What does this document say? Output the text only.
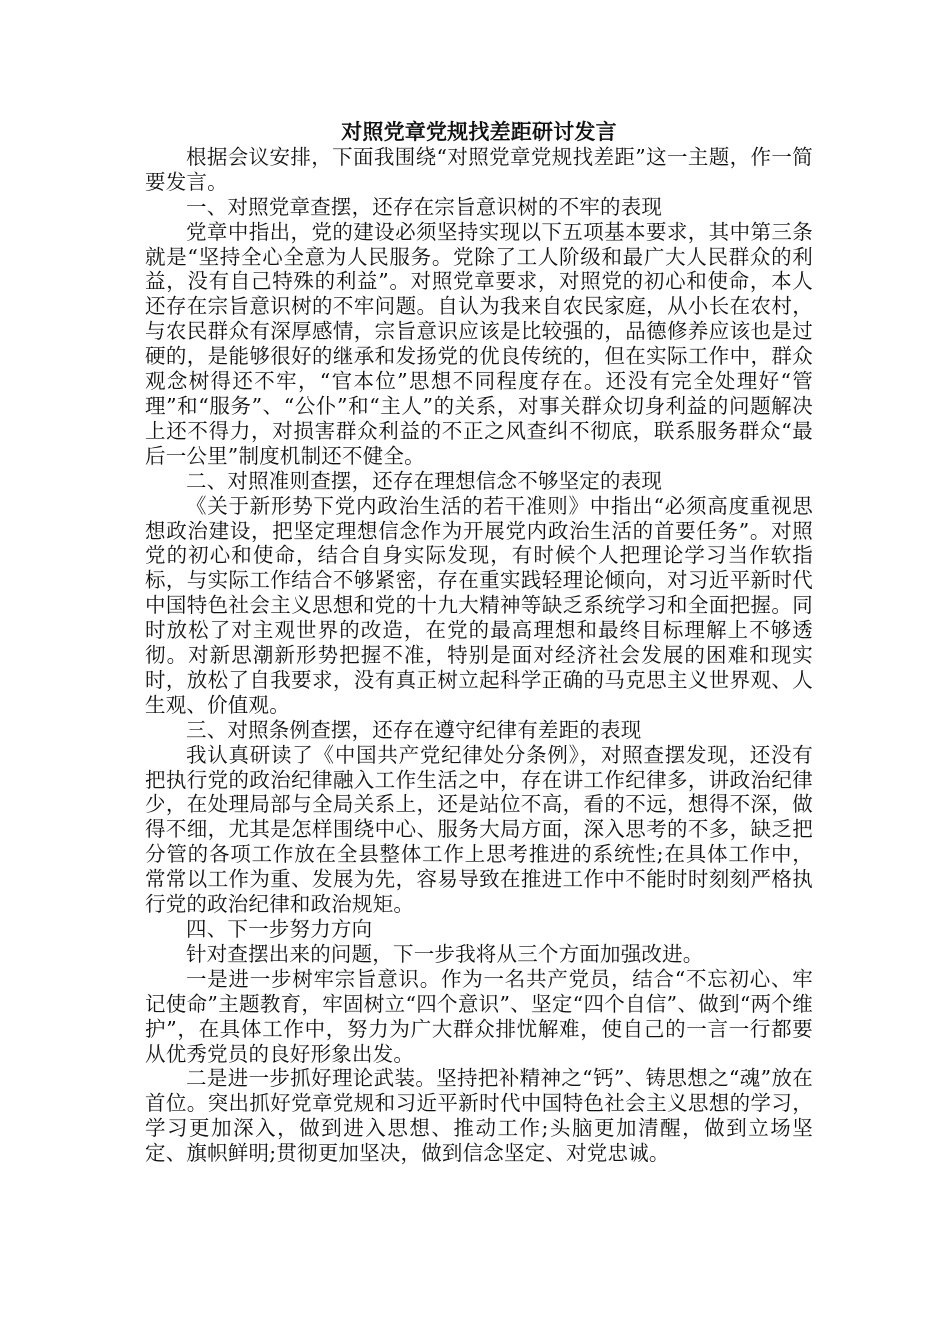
对照党章党规找差距研讨发言

根据会议安排，下面我围绕“对照党章党规找差距”这一主题，作一简要发言。

一、对照党章查摆，还存在宗旨意识树的不牢的表现

党章中指出，党的建设必须坚持实现以下五项基本要求，其中第三条就是“坚持全心全意为人民服务。党除了工人阶级和最广大人民群众的利益，没有自己特殊的利益”。对照党章要求，对照党的初心和使命，本人还存在宗旨意识树的不牢问题。自认为我来自农民家庭，从小长在农村，与农民群众有深厚感情，宗旨意识应该是比较强的，品德修养应该也是过硬的，是能够很好的继承和发扬党的优良传统的，但在实际工作中，群众观念树得还不牢，“官本位”思想不同程度存在。还没有完全处理好“管理”和“服务”、“公仆”和“主人”的关系，对事关群众切身利益的问题解决上还不得力，对损害群众利益的不正之风查纠不彻底，联系服务群众“最后一公里”制度机制还不健全。

二、对照准则查摆，还存在理想信念不够坚定的表现

《关于新形势下党内政治生活的若干准则》中指出“必须高度重视思想政治建设，把坚定理想信念作为开展党内政治生活的首要任务”。对照党的初心和使命，结合自身实际发现，有时候个人把理论学习当作软指标，与实际工作结合不够紧密，存在重实践轻理论倾向，对习近平新时代中国特色社会主义思想和党的十九大精神等缺乏系统学习和全面把握。同时放松了对主观世界的改造，在党的最高理想和最终目标理解上不够透彻。对新思潮新形势把握不准，特别是面对经济社会发展的困难和现实时，放松了自我要求，没有真正树立起科学正确的马克思主义世界观、人生观、价值观。

三、对照条例查摆，还存在遵守纪律有差距的表现

我认真研读了《中国共产党纪律处分条例》，对照查摆发现，还没有把执行党的政治纪律融入工作生活之中，存在讲工作纪律多，讲政治纪律少，在处理局部与全局关系上，还是站位不高，看的不远，想得不深，做得不细，尤其是怎样围绕中心、服务大局方面，深入思考的不多，缺乏把分管的各项工作放在全县整体工作上思考推进的系统性;在具体工作中，常常以工作为重、发展为先，容易导致在推进工作中不能时时刻刻严格执行党的政治纪律和政治规矩。

四、下一步努力方向

针对查摆出来的问题，下一步我将从三个方面加强改进。

一是进一步树牢宗旨意识。作为一名共产党员，结合“不忘初心、牢记使命”主题教育，牢固树立“四个意识”、坚定“四个自信”、做到“两个维护”，在具体工作中，努力为广大群众排忧解难，使自己的一言一行都要从优秀党员的良好形象出发。

二是进一步抓好理论武装。坚持把补精神之“钙”、铸思想之“魂”放在首位。突出抓好党章党规和习近平新时代中国特色社会主义思想的学习，学习更加深入，做到进入思想、推动工作;头脑更加清醒，做到立场坚定、旗帜鲜明;贯彻更加坚决，做到信念坚定、对党忠诚。
